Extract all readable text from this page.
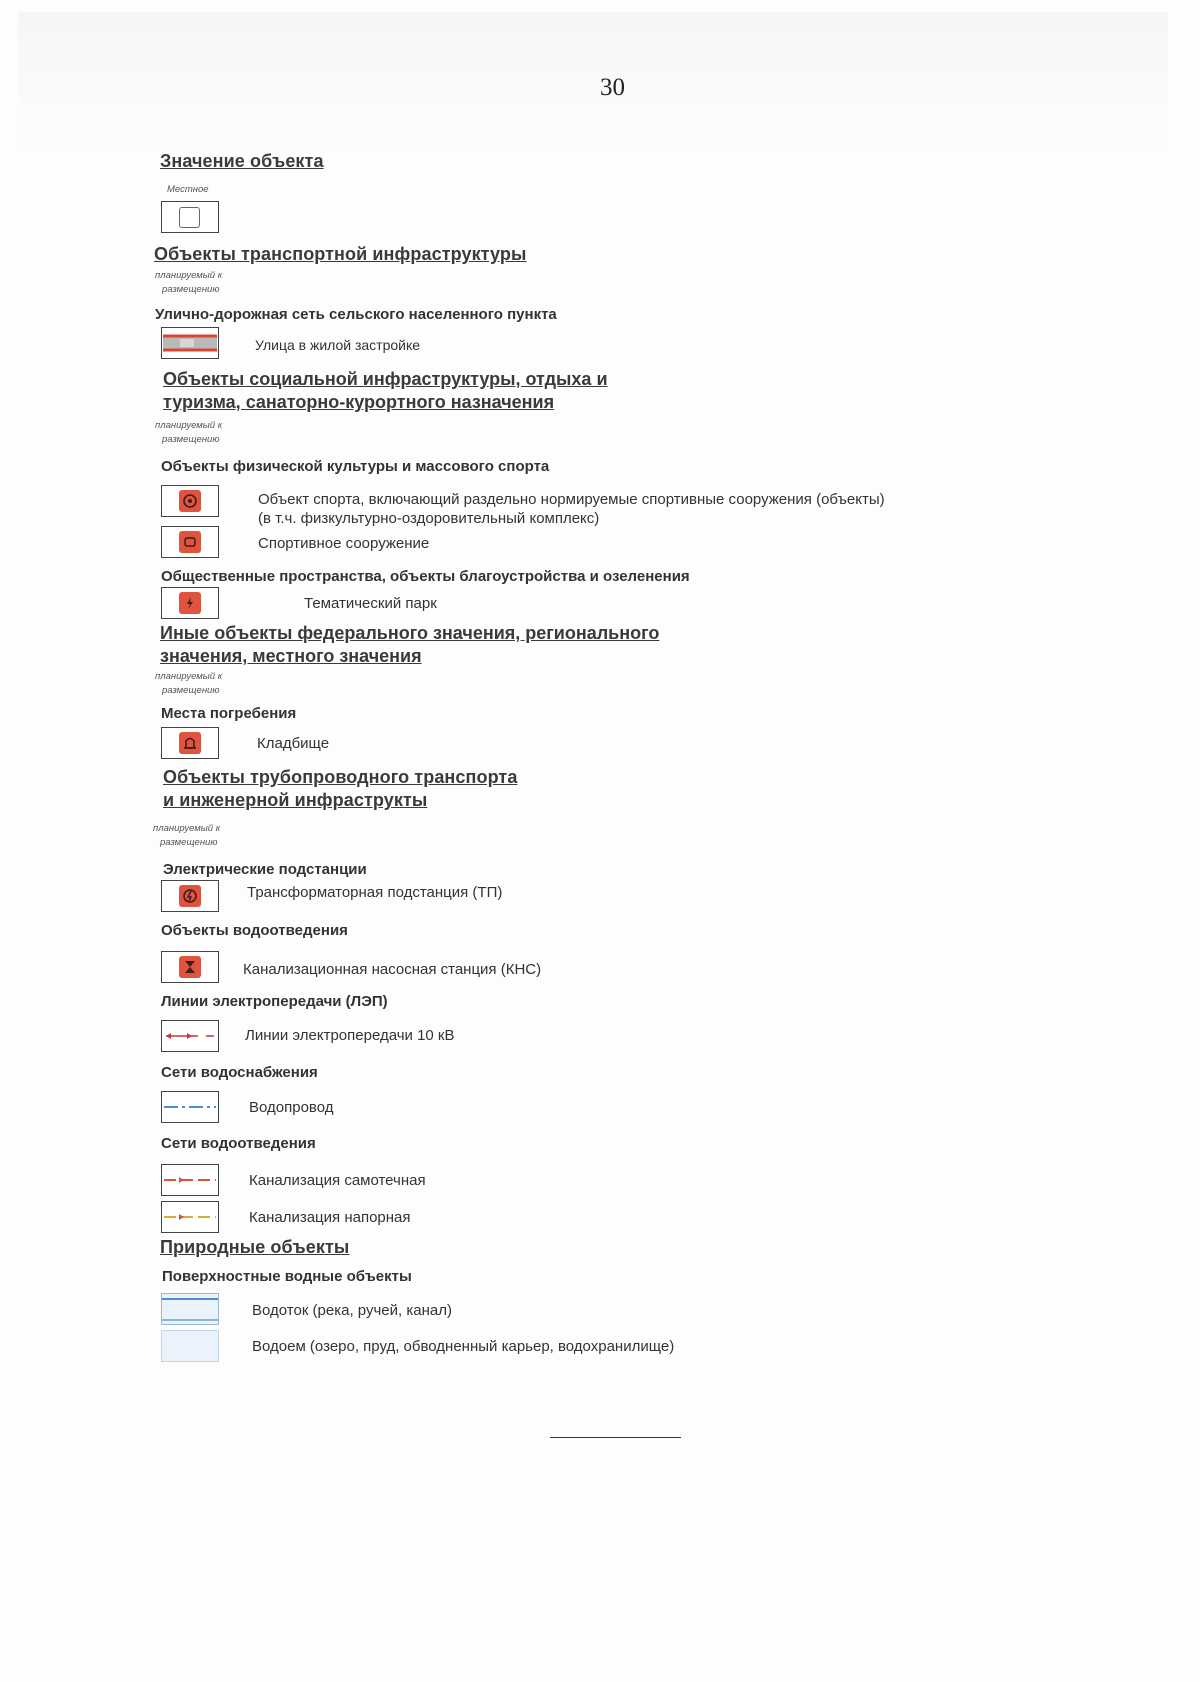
30
Значение объекта
Местное
Объекты транспортной инфраструктуры
планируемый к
размещению
Улично-дорожная сеть сельского населенного пункта
Улица в жилой застройке
Объекты социальной инфраструктуры, отдыха и туризма, санаторно-курортного назначения
планируемый к
размещению
Объекты физической культуры и массового спорта
Объект спорта, включающий раздельно нормируемые спортивные сооружения (объекты)
(в т.ч. физкультурно-оздоровительный комплекс)
Спортивное сооружение
Общественные пространства, объекты благоустройства и озеленения
Тематический парк
Иные объекты федерального значения, регионального значения, местного значения
планируемый к
размещению
Места погребения
Кладбище
Объекты трубопроводного транспорта
и инженерной инфраструкты
планируемый к
размещению
Электрические подстанции
Трансформаторная подстанция (ТП)
Объекты водоотведения
Канализационная насосная станция (КНС)
Линии электропередачи (ЛЭП)
Линии электропередачи 10 кВ
Сети водоснабжения
Водопровод
Сети водоотведения
Канализация самотечная
Канализация напорная
Природные объекты
Поверхностные водные объекты
Водоток (река, ручей, канал)
Водоем (озеро, пруд, обводненный карьер, водохранилище)
